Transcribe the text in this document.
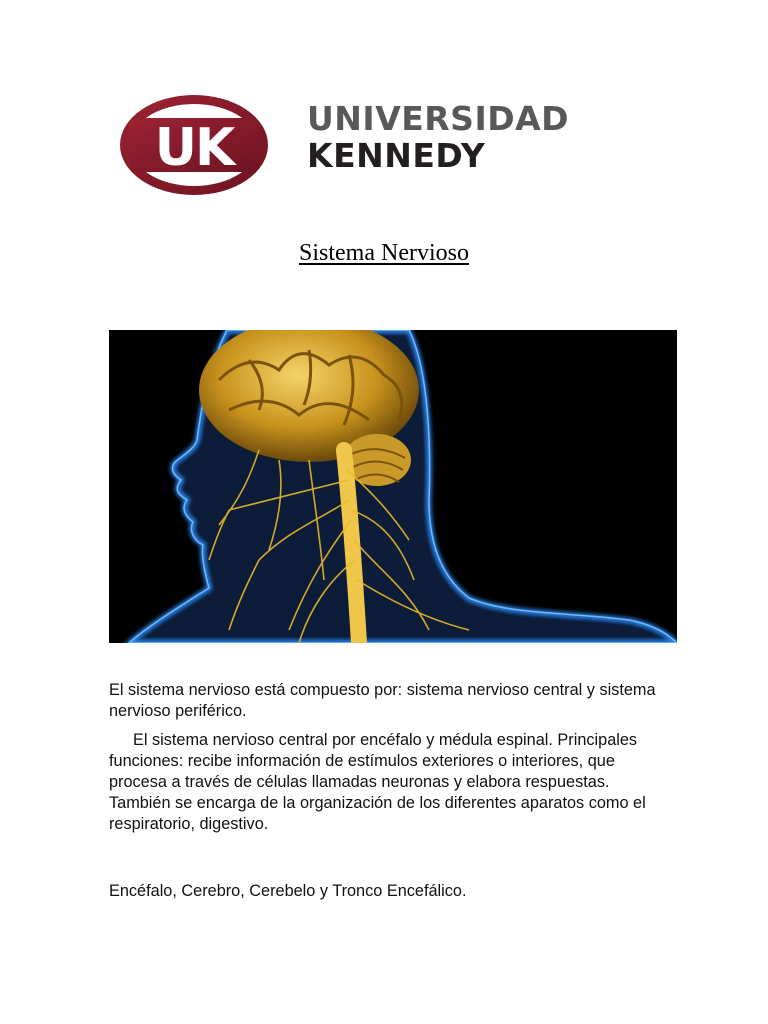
UK UNIVERSIDAD
KENNEDY
Sistema Nervioso

El sistema nervioso está compuesto por: sistema nervioso central y sistema nervioso periférico.

El sistema nervioso central por encéfalo y médula espinal. Principales funciones: recibe información de estímulos exteriores o interiores, que procesa a través de células llamadas neuronas y elabora respuestas. También se encarga de la organización de los diferentes aparatos como el respiratorio, digestivo.

Encéfalo, Cerebro, Cerebelo y Tronco Encefálico.
